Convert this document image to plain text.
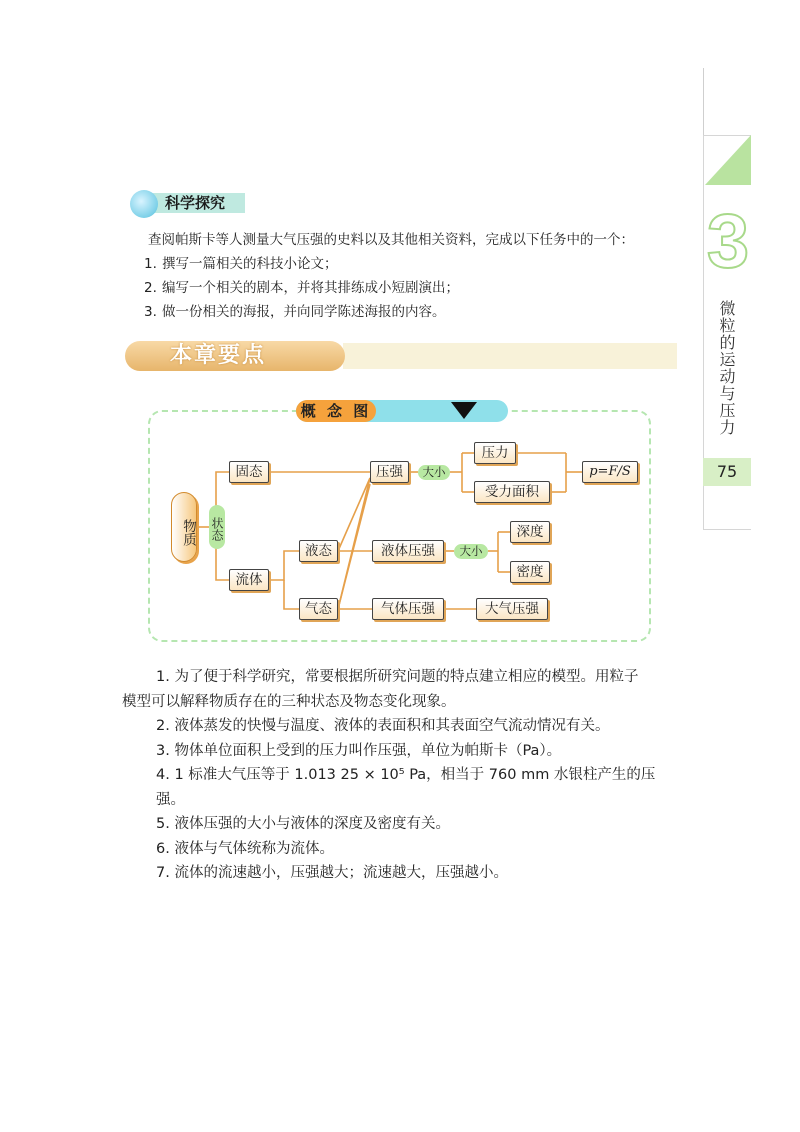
3
微粒的运动与压力
75
科学探究

查阅帕斯卡等人测量大气压强的史料以及其他相关资料，完成以下任务中的一个：

1. 撰写一篇相关的科技小论文；

2. 编写一个相关的剧本，并将其排练成小短剧演出；

3. 做一份相关的海报，并向同学陈述海报的内容。

本章要点
概 念 图
物质 状态
固态
流体
液态
气态
压强	大小
压力
受力面积
p=F/S
液体压强	大小
深度
密度
气体压强	大气压强

1. 为了便于科学研究，常要根据所研究问题的特点建立相应的模型。用粒子

模型可以解释物质存在的三种状态及物态变化现象。

2. 液体蒸发的快慢与温度、液体的表面积和其表面空气流动情况有关。

3. 物体单位面积上受到的压力叫作压强，单位为帕斯卡（Pa）。

4. 1 标准大气压等于 1.013 25 × 10⁵ Pa，相当于 760 mm 水银柱产生的压强。

5. 液体压强的大小与液体的深度及密度有关。

6. 液体与气体统称为流体。

7. 流体的流速越小，压强越大；流速越大，压强越小。
